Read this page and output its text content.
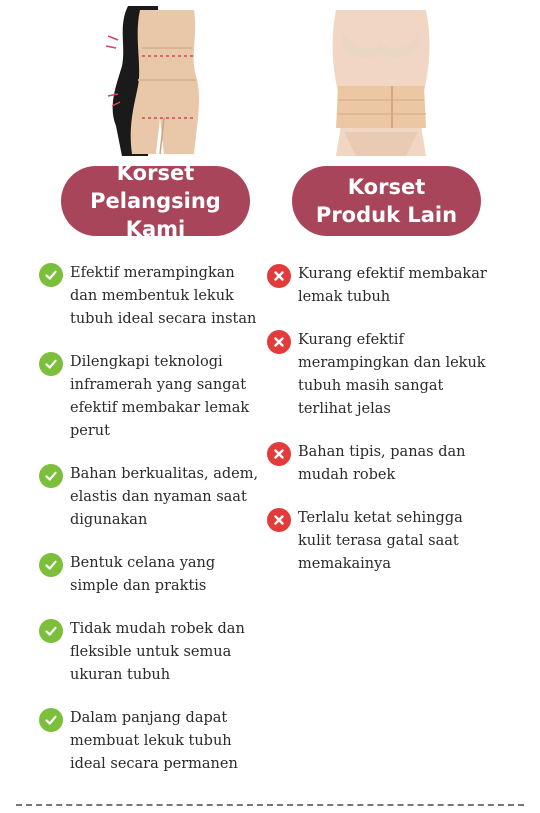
Korset
Pelangsing Kami
Efektif merampingkan dan membentuk lekuk tubuh ideal secara instan
Dilengkapi teknologi inframerah yang sangat efektif membakar lemak perut
Bahan berkualitas, adem, elastis dan nyaman saat digunakan
Bentuk celana yang simple dan praktis
Tidak mudah robek dan fleksible untuk semua ukuran tubuh
Dalam panjang dapat membuat lekuk tubuh ideal secara permanen
Korset
Produk Lain
Kurang efektif membakar lemak tubuh
Kurang efektif merampingkan dan lekuk tubuh masih sangat terlihat jelas
Bahan tipis, panas dan mudah robek
Terlalu ketat sehingga kulit terasa gatal saat memakainya
